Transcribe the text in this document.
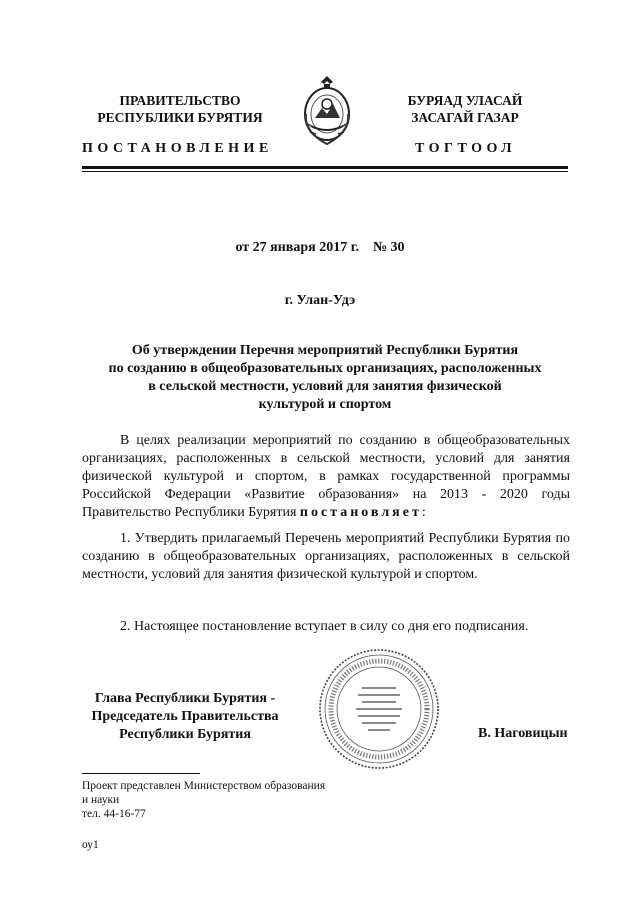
ПРАВИТЕЛЬСТВО
РЕСПУБЛИКИ БУРЯТИЯ
БУРЯАД УЛАСАЙ
ЗАСАГАЙ ГАЗАР
ПОСТАНОВЛЕНИЕ	ТОГТООЛ
от 27 января 2017 г.    № 30
г. Улан-Удэ
Об утверждении Перечня мероприятий Республики Бурятия
по созданию в общеобразовательных организациях, расположенных
в сельской местности, условий для занятия физической
культурой и спортом

В целях реализации мероприятий по созданию в общеобразовательных организациях, расположенных в сельской местности, условий для занятия физической культурой и спортом, в рамках государственной программы Российской Федерации «Развитие образования» на 2013 - 2020 годы Правительство Республики Бурятия постановляет:

1. Утвердить прилагаемый Перечень мероприятий Республики Бурятия по созданию в общеобразовательных организациях, расположенных в сельской местности, условий для занятия физической культурой и спортом.

2. Настоящее постановление вступает в силу со дня его подписания.

Глава Республики Бурятия -
Председатель Правительства
Республики Бурятия	В. Наговицын
Проект представлен Министерством образования
и науки
тел. 44-16-77
оу1
